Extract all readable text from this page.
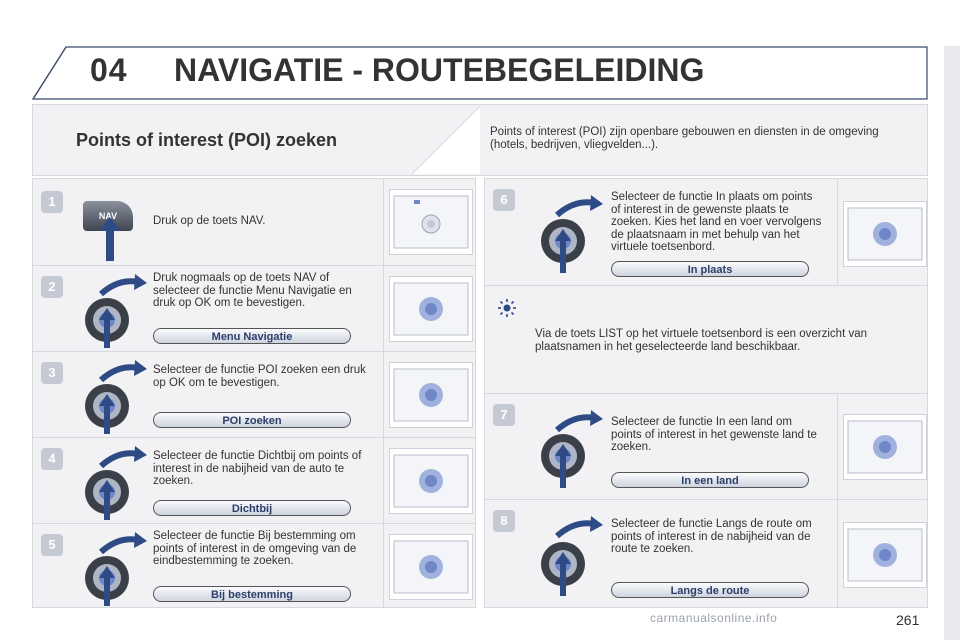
04 NAVIGATIE - ROUTEBEGELEIDING
Points of interest (POI) zoeken	Points of interest (POI) zijn openbare gebouwen en diensten in de omgeving (hotels, bedrijven, vliegvelden...).
1
NAV	Druk op de toets NAV.
2
Druk nogmaals op de toets NAV of selecteer de functie Menu Navigatie en druk op OK om te bevestigen.
Menu Navigatie
3	Selecteer de functie POI zoeken een druk op OK om te bevestigen.
POI zoeken
4	Selecteer de functie Dichtbij om points of interest in de nabijheid van de auto te zoeken.
Dichtbij
5
Selecteer de functie Bij bestemming om points of interest in de omgeving van de eindbestemming te zoeken.
Bij bestemming
6	Selecteer de functie In plaats om points of interest in de gewenste plaats te zoeken. Kies het land en voer vervolgens de plaatsnaam in met behulp van het virtuele toetsenbord.
In plaats
Via de toets LIST op het virtuele toetsenbord is een overzicht van plaatsnamen in het geselecteerde land beschikbaar.
7	Selecteer de functie In een land om points of interest in het gewenste land te zoeken.
In een land
8	Selecteer de functie Langs de route om points of interest in de nabijheid van de route te zoeken.
Langs de route
carmanualsonline.info	261
